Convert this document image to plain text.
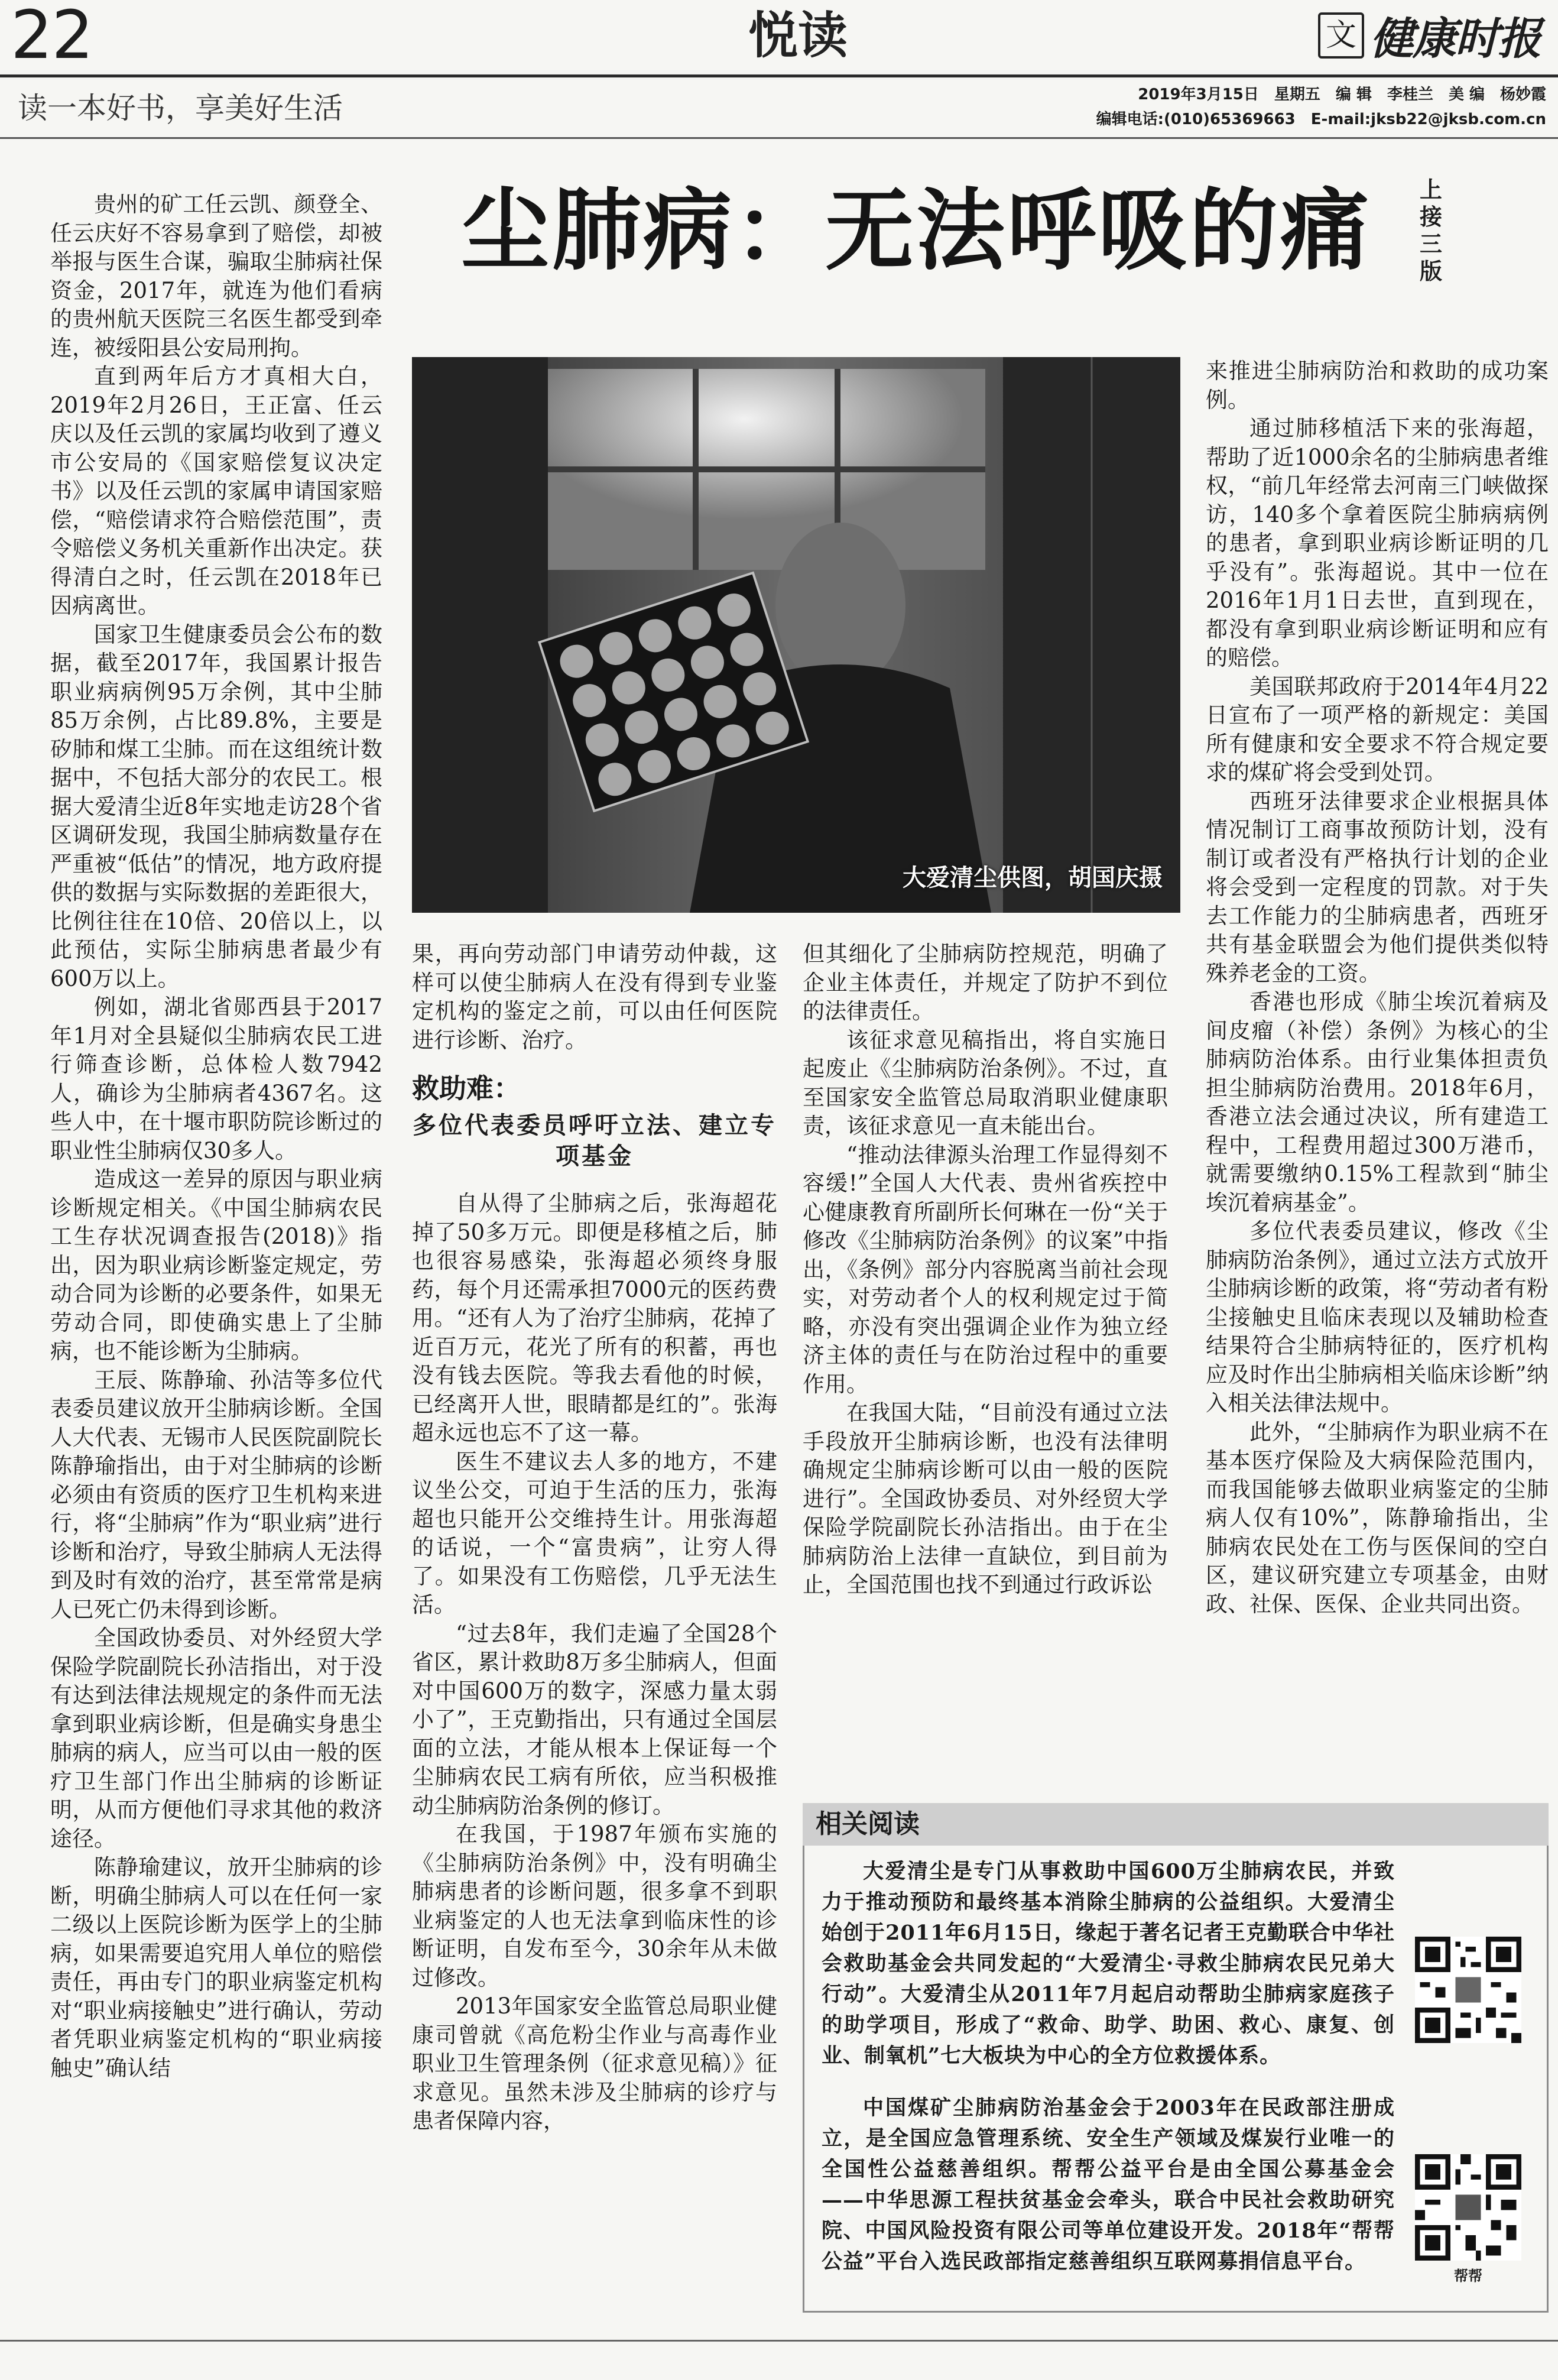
22	悦读	文 健康时报
读一本好书，享美好生活	2019年3月15日　星期五　编 辑　李桂兰　美 编　杨妙霞
编辑电话:(010)65369663　E-mail:jksb22@jksb.com.cn
尘肺病：无法呼吸的痛	上接三版
大爱清尘供图，胡国庆摄

贵州的矿工任云凯、颜登全、任云庆好不容易拿到了赔偿，却被举报与医生合谋，骗取尘肺病社保资金，2017年，就连为他们看病的贵州航天医院三名医生都受到牵连，被绥阳县公安局刑拘。

直到两年后方才真相大白，2019年2月26日，王正富、任云庆以及任云凯的家属均收到了遵义市公安局的《国家赔偿复议决定书》以及任云凯的家属申请国家赔偿，“赔偿请求符合赔偿范围”，责令赔偿义务机关重新作出决定。获得清白之时，任云凯在2018年已因病离世。

国家卫生健康委员会公布的数据，截至2017年，我国累计报告职业病病例95万余例，其中尘肺85万余例，占比89.8%，主要是矽肺和煤工尘肺。而在这组统计数据中，不包括大部分的农民工。根据大爱清尘近8年实地走访28个省区调研发现，我国尘肺病数量存在严重被“低估”的情况，地方政府提供的数据与实际数据的差距很大，比例往往在10倍、20倍以上，以此预估，实际尘肺病患者最少有600万以上。

例如，湖北省郧西县于2017年1月对全县疑似尘肺病农民工进行筛查诊断，总体检人数7942人，确诊为尘肺病者4367名。这些人中，在十堰市职防院诊断过的职业性尘肺病仅30多人。

造成这一差异的原因与职业病诊断规定相关。《中国尘肺病农民工生存状况调查报告(2018)》指出，因为职业病诊断鉴定规定，劳动合同为诊断的必要条件，如果无劳动合同，即使确实患上了尘肺病，也不能诊断为尘肺病。

王辰、陈静瑜、孙洁等多位代表委员建议放开尘肺病诊断。全国人大代表、无锡市人民医院副院长陈静瑜指出，由于对尘肺病的诊断必须由有资质的医疗卫生机构来进行，将“尘肺病”作为“职业病”进行诊断和治疗，导致尘肺病人无法得到及时有效的治疗，甚至常常是病人已死亡仍未得到诊断。

全国政协委员、对外经贸大学保险学院副院长孙洁指出，对于没有达到法律法规规定的条件而无法拿到职业病诊断，但是确实身患尘肺病的病人，应当可以由一般的医疗卫生部门作出尘肺病的诊断证明，从而方便他们寻求其他的救济途径。

陈静瑜建议，放开尘肺病的诊断，明确尘肺病人可以在任何一家二级以上医院诊断为医学上的尘肺病，如果需要追究用人单位的赔偿责任，再由专门的职业病鉴定机构对“职业病接触史”进行确认，劳动者凭职业病鉴定机构的“职业病接触史”确认结

果，再向劳动部门申请劳动仲裁，这样可以使尘肺病人在没有得到专业鉴定机构的鉴定之前，可以由任何医院进行诊断、治疗。

救助难：
多位代表委员呼吁立法、建立专项基金

自从得了尘肺病之后，张海超花掉了50多万元。即便是移植之后，肺也很容易感染，张海超必须终身服药，每个月还需承担7000元的医药费用。“还有人为了治疗尘肺病，花掉了近百万元，花光了所有的积蓄，再也没有钱去医院。等我去看他的时候，已经离开人世，眼睛都是红的”。张海超永远也忘不了这一幕。

医生不建议去人多的地方，不建议坐公交，可迫于生活的压力，张海超也只能开公交维持生计。用张海超的话说，一个“富贵病”，让穷人得了。如果没有工伤赔偿，几乎无法生活。

“过去8年，我们走遍了全国28个省区，累计救助8万多尘肺病人，但面对中国600万的数字，深感力量太弱小了”，王克勤指出，只有通过全国层面的立法，才能从根本上保证每一个尘肺病农民工病有所依，应当积极推动尘肺病防治条例的修订。

在我国，于1987年颁布实施的《尘肺病防治条例》中，没有明确尘肺病患者的诊断问题，很多拿不到职业病鉴定的人也无法拿到临床性的诊断证明，自发布至今，30余年从未做过修改。

2013年国家安全监管总局职业健康司曾就《高危粉尘作业与高毒作业职业卫生管理条例（征求意见稿）》征求意见。虽然未涉及尘肺病的诊疗与患者保障内容，

但其细化了尘肺病防控规范，明确了企业主体责任，并规定了防护不到位的法律责任。

该征求意见稿指出，将自实施日起废止《尘肺病防治条例》。不过，直至国家安全监管总局取消职业健康职责，该征求意见一直未能出台。

“推动法律源头治理工作显得刻不容缓!”全国人大代表、贵州省疾控中心健康教育所副所长何琳在一份“关于修改《尘肺病防治条例》的议案”中指出，《条例》部分内容脱离当前社会现实，对劳动者个人的权利规定过于简略，亦没有突出强调企业作为独立经济主体的责任与在防治过程中的重要作用。

在我国大陆，“目前没有通过立法手段放开尘肺病诊断，也没有法律明确规定尘肺病诊断可以由一般的医院进行”。全国政协委员、对外经贸大学保险学院副院长孙洁指出。由于在尘肺病防治上法律一直缺位，到目前为止，全国范围也找不到通过行政诉讼

来推进尘肺病防治和救助的成功案例。

通过肺移植活下来的张海超，帮助了近1000余名的尘肺病患者维权，“前几年经常去河南三门峡做探访，140多个拿着医院尘肺病病例的患者，拿到职业病诊断证明的几乎没有”。张海超说。其中一位在2016年1月1日去世，直到现在，都没有拿到职业病诊断证明和应有的赔偿。

美国联邦政府于2014年4月22日宣布了一项严格的新规定：美国所有健康和安全要求不符合规定要求的煤矿将会受到处罚。

西班牙法律要求企业根据具体情况制订工商事故预防计划，没有制订或者没有严格执行计划的企业将会受到一定程度的罚款。对于失去工作能力的尘肺病患者，西班牙共有基金联盟会为他们提供类似特殊养老金的工资。

香港也形成《肺尘埃沉着病及间皮瘤（补偿）条例》为核心的尘肺病防治体系。由行业集体担责负担尘肺病防治费用。2018年6月，香港立法会通过决议，所有建造工程中，工程费用超过300万港币，就需要缴纳0.15%工程款到“肺尘埃沉着病基金”。

多位代表委员建议，修改《尘肺病防治条例》，通过立法方式放开尘肺病诊断的政策，将“劳动者有粉尘接触史且临床表现以及辅助检查结果符合尘肺病特征的，医疗机构应及时作出尘肺病相关临床诊断”纳入相关法律法规中。

此外，“尘肺病作为职业病不在基本医疗保险及大病保险范围内，而我国能够去做职业病鉴定的尘肺病人仅有10%”，陈静瑜指出，尘肺病农民处在工伤与医保间的空白区，建议研究建立专项基金，由财政、社保、医保、企业共同出资。

相关阅读

大爱清尘是专门从事救助中国600万尘肺病农民，并致力于推动预防和最终基本消除尘肺病的公益组织。大爱清尘始创于2011年6月15日，缘起于著名记者王克勤联合中华社会救助基金会共同发起的“大爱清尘·寻救尘肺病农民兄弟大行动”。大爱清尘从2011年7月起启动帮助尘肺病家庭孩子的助学项目，形成了“救命、助学、助困、救心、康复、创业、制氧机”七大板块为中心的全方位救援体系。

中国煤矿尘肺病防治基金会于2003年在民政部注册成立，是全国应急管理系统、安全生产领域及煤炭行业唯一的全国性公益慈善组织。帮帮公益平台是由全国公募基金会——中华思源工程扶贫基金会牵头，联合中民社会救助研究院、中国风险投资有限公司等单位建设开发。2018年“帮帮公益”平台入选民政部指定慈善组织互联网募捐信息平台。

帮帮
